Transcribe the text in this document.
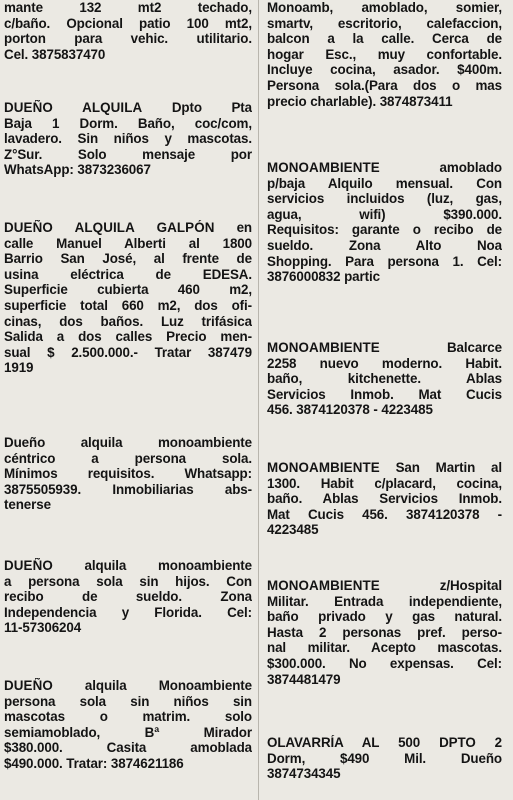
mante 132 mt2 techado,
c/baño. Opcional patio 100 mt2,
porton para vehic. utilitario.
Cel. 3875837470
DUEÑO ALQUILA Dpto Pta
Baja 1 Dorm. Baño, coc/com,
lavadero. Sin niños y mascotas.
Z°Sur. Solo mensaje por
WhatsApp: 3873236067
DUEÑO ALQUILA GALPÓN en
calle Manuel Alberti al 1800
Barrio San José, al frente de
usina eléctrica de EDESA.
Superficie cubierta 460 m2,
superficie total 660 m2, dos ofi-
cinas, dos baños. Luz trifásica
Salida a dos calles Precio men-
sual $ 2.500.000.- Tratar 387479
1919
Dueño alquila monoambiente
céntrico a persona sola.
Mínimos requisitos. Whatsapp:
3875505939. Inmobiliarias abs-
tenerse
DUEÑO alquila monoambiente
a persona sola sin hijos. Con
recibo de sueldo. Zona
Independencia y Florida. Cel:
11-57306204
DUEÑO alquila Monoambiente
persona sola sin niños sin
mascotas o matrim. solo
semiamoblado, Bª Mirador
$380.000. Casita amoblada
$490.000. Tratar: 3874621186
Monoamb, amoblado, somier,
smartv, escritorio, calefaccion,
balcon a la calle. Cerca de
hogar Esc., muy confortable.
Incluye cocina, asador. $400m.
Persona sola.(Para dos o mas
precio charlable). 3874873411
MONOAMBIENTE amoblado
p/baja Alquilo mensual. Con
servicios incluidos (luz, gas,
agua, wifi) $390.000.
Requisitos: garante o recibo de
sueldo. Zona Alto Noa
Shopping. Para persona 1. Cel:
3876000832 partic
MONOAMBIENTE Balcarce
2258 nuevo moderno. Habit.
baño, kitchenette. Ablas
Servicios Inmob. Mat Cucis
456. 3874120378 - 4223485
MONOAMBIENTE San Martin al
1300. Habit c/placard, cocina,
baño. Ablas Servicios Inmob.
Mat Cucis 456. 3874120378 -
4223485
MONOAMBIENTE z/Hospital
Militar. Entrada independiente,
baño privado y gas natural.
Hasta 2 personas pref. perso-
nal militar. Acepto mascotas.
$300.000. No expensas. Cel:
3874481479
OLAVARRÍA AL 500 DPTO 2
Dorm, $490 Mil. Dueño
3874734345
